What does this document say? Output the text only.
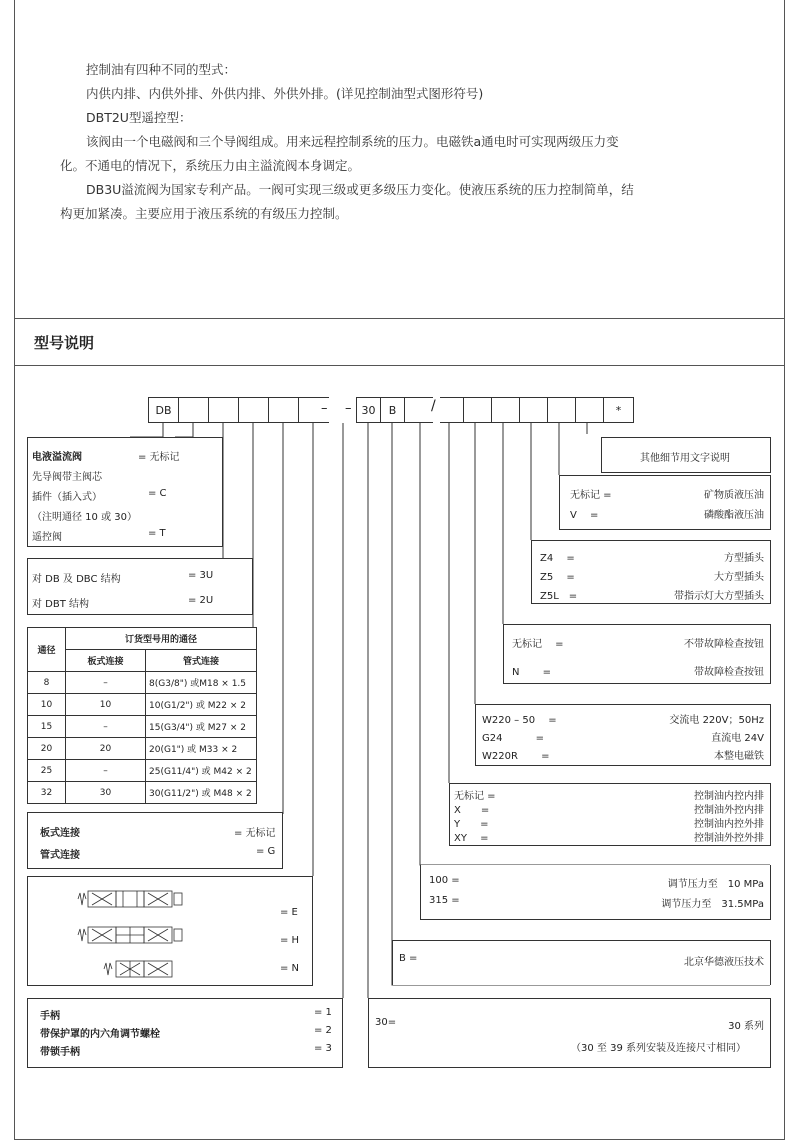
控制油有四种不同的型式：

内供内排、内供外排、外供内排、外供外排。(详见控制油型式图形符号)

DBT2U型遥控型：

该阀由一个电磁阀和三个导阀组成。用来远程控制系统的压力。电磁铁a通电时可实现两级压力变

化。不通电的情况下，系统压力由主溢流阀本身调定。

DB3U溢流阀为国家专利产品。一阀可实现三级或更多级压力变化。使液压系统的压力控制简单，结

构更加紧凑。主要应用于液压系统的有级压力控制。

型号说明
DB	– – 30	B	/	*
电液溢流阀	= 无标记
先导阀带主阀芯
插件（插入式）	= C
（注明通径 10 或 30）
遥控阀	= T
对 DB 及 DBC 结构	= 3U
对 DBT 结构	= 2U
通径	订货型号用的通径	
	板式连接	管式连接
8	–	8(G3/8") 或M18 × 1.5
10	10	10(G1/2") 或 M22 × 2
15	–	15(G3/4") 或 M27 × 2
20	20	20(G1") 或 M33 × 2
25	–	25(G11/4") 或 M42 × 2
32	30	30(G11/2") 或 M48 × 2
板式连接	= 无标记
管式连接	= G
= E
= H
= N
手柄	= 1
带保护罩的内六角调节螺栓	= 2
带锁手柄	= 3
其他细节用文字说明
无标记 =	矿物质液压油
V　 =	磷酸酯液压油
Z4　 =	方型插头
Z5　 =	大方型插头
Z5L　=	带指示灯大方型插头
无标记　 =	不带故障检查按钮
N　　 =	带故障检查按钮
W220 – 50　 =	交流电 220V；50Hz
G24　　　 =	直流电 24V
W220R　　 =	本整电磁铁
无标记 =	控制油内控内排
X　　=	控制油外控内排
Y　　=	控制油内控外排
XY　 =	控制油外控外排
100 =	调节压力至　10 MPa
315 =	调节压力至　31.5MPa
B =	北京华德液压技术
30=	30 系列
（30 至 39 系列安装及连接尺寸相同）
